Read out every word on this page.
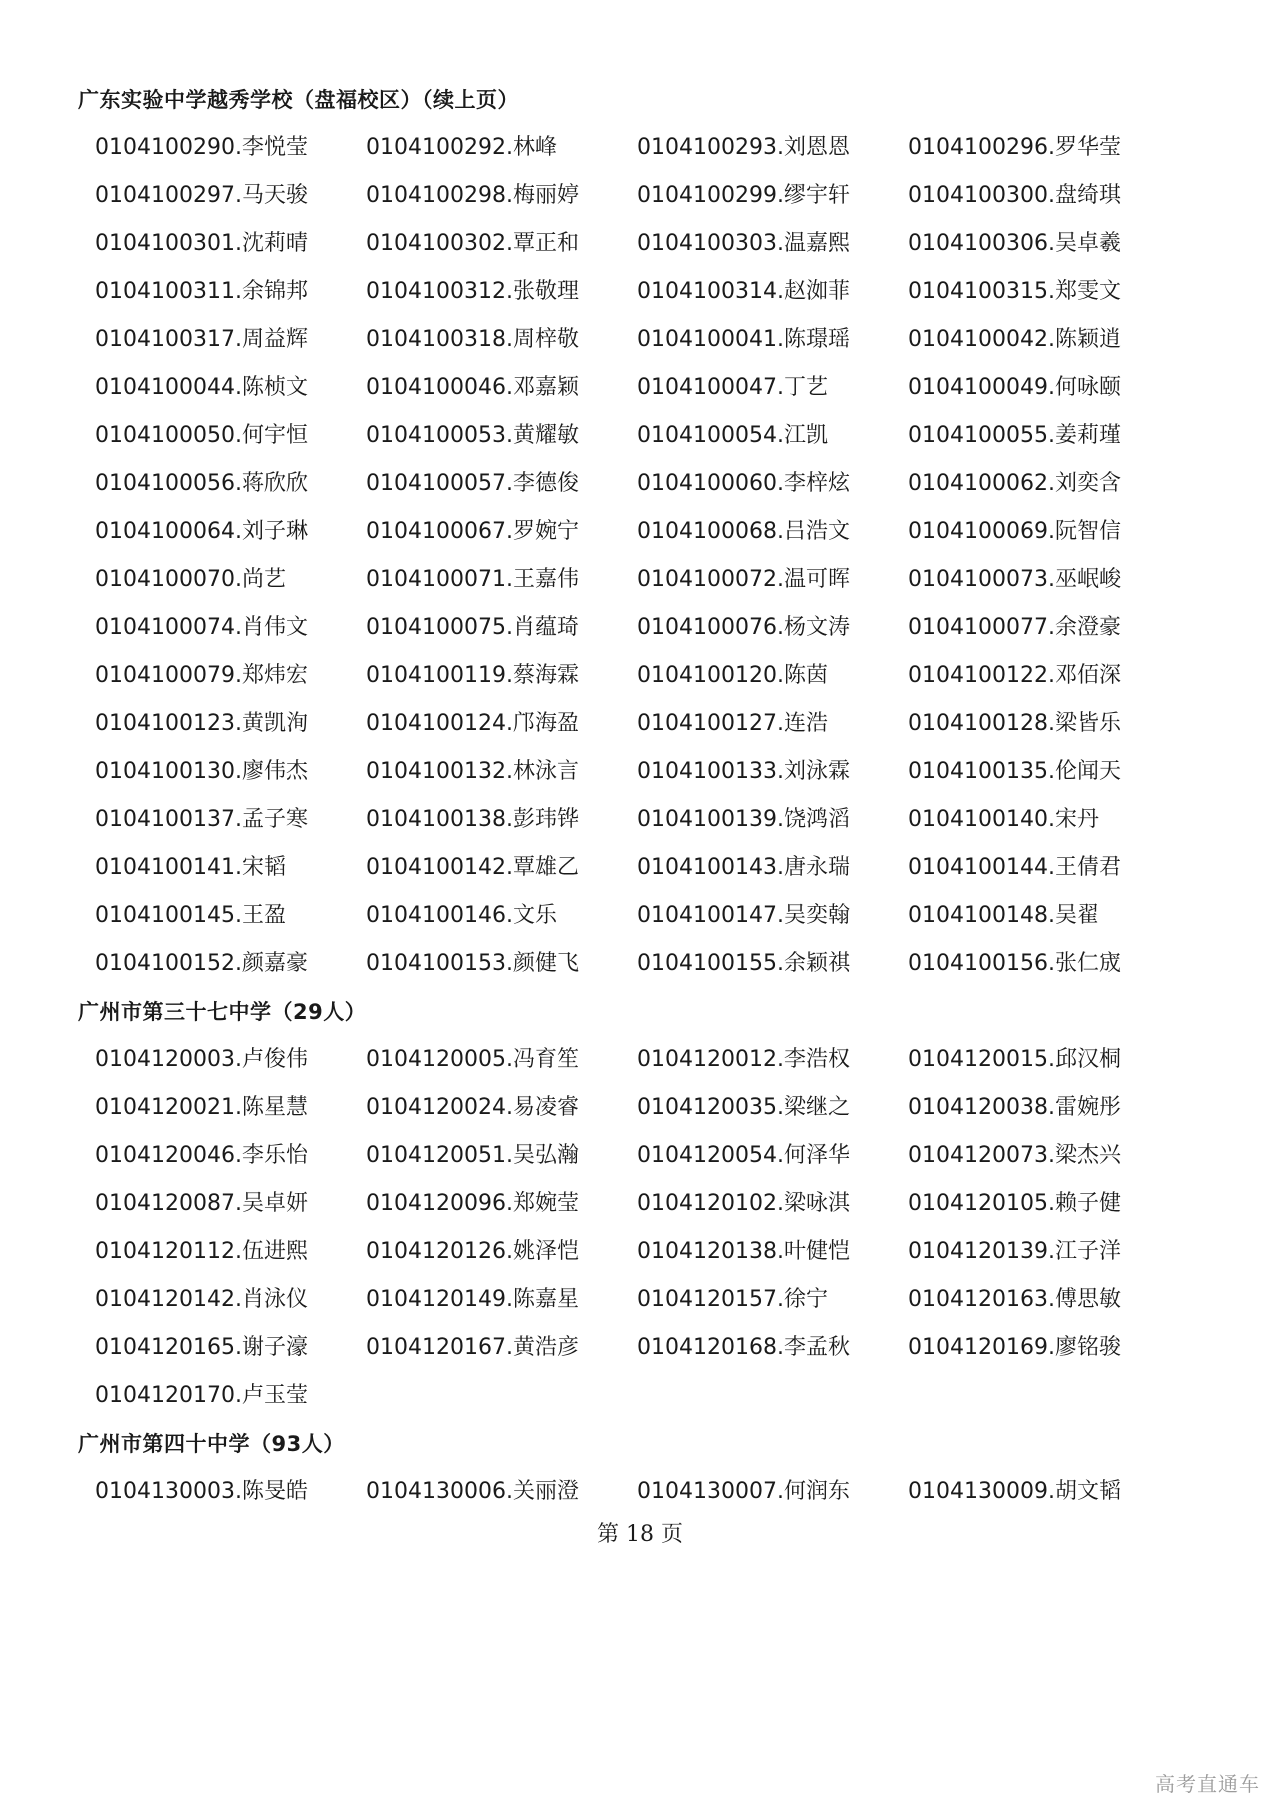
广东实验中学越秀学校（盘福校区）（续上页）
0104100290.李悦莹	0104100292.林峰	0104100293.刘恩恩	0104100296.罗华莹
0104100297.马天骏	0104100298.梅丽婷	0104100299.缪宇轩	0104100300.盘绮琪
0104100301.沈莉晴	0104100302.覃正和	0104100303.温嘉熙	0104100306.吴卓羲
0104100311.余锦邦	0104100312.张敬理	0104100314.赵洳菲	0104100315.郑雯文
0104100317.周益辉	0104100318.周梓敬	0104100041.陈璟瑶	0104100042.陈颖逍
0104100044.陈桢文	0104100046.邓嘉颖	0104100047.丁艺	0104100049.何咏颐
0104100050.何宇恒	0104100053.黄耀敏	0104100054.江凯	0104100055.姜莉瑾
0104100056.蒋欣欣	0104100057.李德俊	0104100060.李梓炫	0104100062.刘奕含
0104100064.刘子琳	0104100067.罗婉宁	0104100068.吕浩文	0104100069.阮智信
0104100070.尚艺	0104100071.王嘉伟	0104100072.温可晖	0104100073.巫岷峻
0104100074.肖伟文	0104100075.肖蕴琦	0104100076.杨文涛	0104100077.余澄豪
0104100079.郑炜宏	0104100119.蔡海霖	0104100120.陈茵	0104100122.邓佰深
0104100123.黄凯洵	0104100124.邝海盈	0104100127.连浩	0104100128.梁皆乐
0104100130.廖伟杰	0104100132.林泳言	0104100133.刘泳霖	0104100135.伦闻天
0104100137.孟子寒	0104100138.彭玮铧	0104100139.饶鸿滔	0104100140.宋丹
0104100141.宋韬	0104100142.覃雄乙	0104100143.唐永瑞	0104100144.王倩君
0104100145.王盈	0104100146.文乐	0104100147.吴奕翰	0104100148.吴翟
0104100152.颜嘉豪	0104100153.颜健飞	0104100155.余颖祺	0104100156.张仁宬
广州市第三十七中学（29人）
0104120003.卢俊伟	0104120005.冯育笙	0104120012.李浩权	0104120015.邱汉桐
0104120021.陈星慧	0104120024.易凌睿	0104120035.梁继之	0104120038.雷婉彤
0104120046.李乐怡	0104120051.吴弘瀚	0104120054.何泽华	0104120073.梁杰兴
0104120087.吴卓妍	0104120096.郑婉莹	0104120102.梁咏淇	0104120105.赖子健
0104120112.伍进熙	0104120126.姚泽恺	0104120138.叶健恺	0104120139.江子洋
0104120142.肖泳仪	0104120149.陈嘉星	0104120157.徐宁	0104120163.傅思敏
0104120165.谢子濠	0104120167.黄浩彦	0104120168.李孟秋	0104120169.廖铭骏
0104120170.卢玉莹
广州市第四十中学（93人）
0104130003.陈旻皓	0104130006.关丽澄	0104130007.何润东	0104130009.胡文韬
第 18 页
高考直通车
